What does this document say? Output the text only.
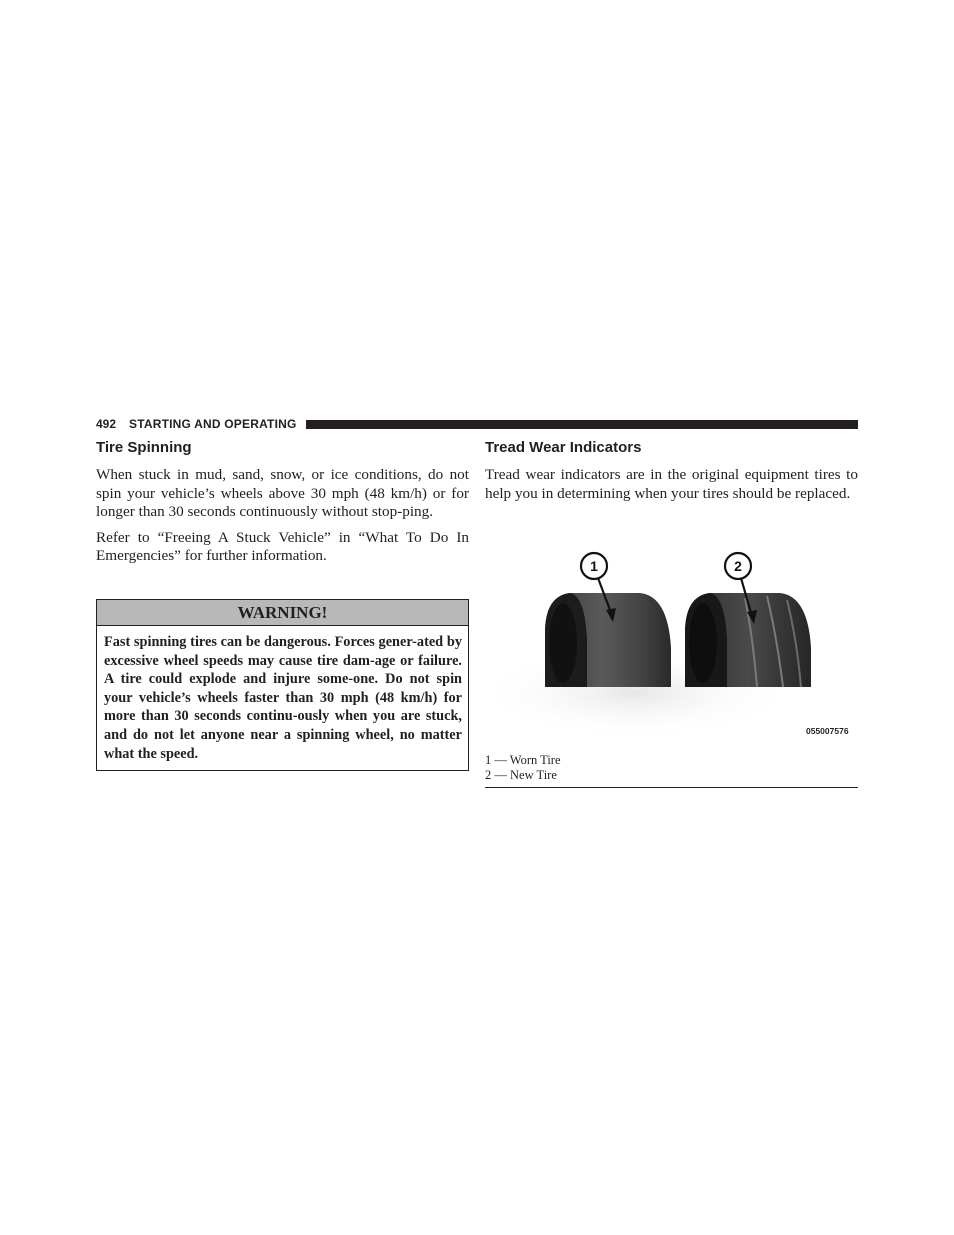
492 STARTING AND OPERATING
Tire Spinning

When stuck in mud, sand, snow, or ice conditions, do not spin your vehicle’s wheels above 30 mph (48 km/h) or for longer than 30 seconds continuously without stop-ping.

Refer to “Freeing A Stuck Vehicle” in “What To Do In Emergencies” for further information.

WARNING!
Fast spinning tires can be dangerous. Forces gener-ated by excessive wheel speeds may cause tire dam-age or failure. A tire could explode and injure some-one. Do not spin your vehicle’s wheels faster than 30 mph (48 km/h) for more than 30 seconds continu-ously when you are stuck, and do not let anyone near a spinning wheel, no matter what the speed.
Tread Wear Indicators

Tread wear indicators are in the original equipment tires to help you in determining when your tires should be replaced.

1	2
055007576
1 — Worn Tire
2 — New Tire
